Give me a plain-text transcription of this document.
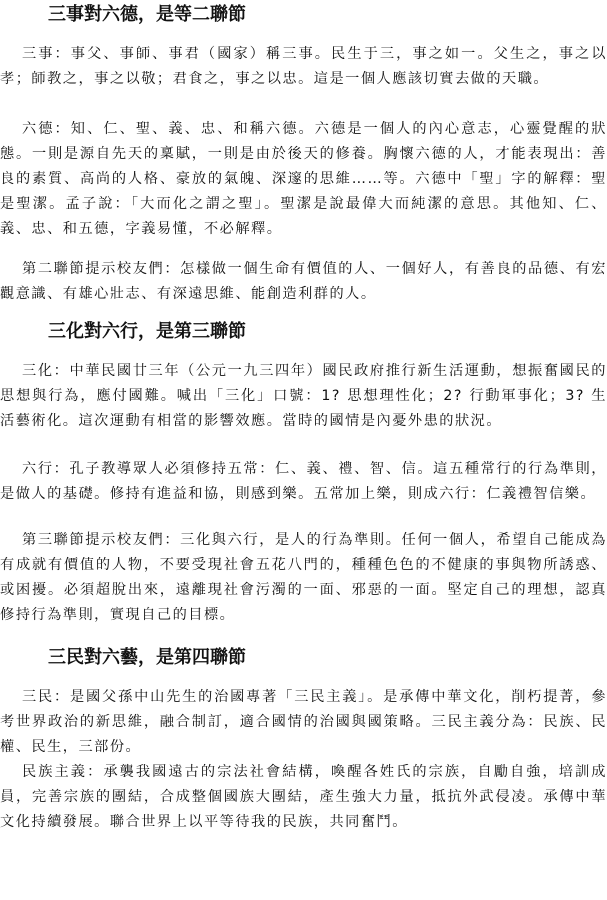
三事對六德，是等二聯節

三事：事父、事師、事君（國家）稱三事。民生于三，事之如一。父生之，事之以孝；師教之，事之以敬；君食之，事之以忠。這是一個人應該切實去做的天職。

六德：知、仁、聖、義、忠、和稱六德。六德是一個人的內心意志，心靈覺醒的狀態。一則是源自先天的稟賦，一則是由於後天的修養。胸懷六德的人，才能表現出：善良的素質、高尚的人格、豪放的氣魄、深邃的思維……等。六德中「聖」字的解釋：聖是聖潔。孟子說：「大而化之謂之聖」。聖潔是說最偉大而純潔的意思。其他知、仁、義、忠、和五德，字義易懂，不必解釋。

第二聯節提示校友們：怎樣做一個生命有價值的人、一個好人，有善良的品德、有宏觀意識、有雄心壯志、有深遠思維、能創造利群的人。

三化對六行，是第三聯節

三化：中華民國廿三年（公元一九三四年）國民政府推行新生活運動，想振奮國民的思想與行為，應付國難。喊出「三化」口號：1? 思想理性化；2? 行動軍事化；3? 生活藝術化。這次運動有相當的影響效應。當時的國情是內憂外患的狀況。

六行：孔子教導眾人必須修持五常：仁、義、禮、智、信。這五種常行的行為準則，是做人的基礎。修持有進益和協，則感到樂。五常加上樂，則成六行：仁義禮智信樂。

第三聯節提示校友們：三化與六行，是人的行為準則。任何一個人，希望自己能成為有成就有價值的人物，不要受現社會五花八門的，種種色色的不健康的事與物所誘惑、或困擾。必須超脫出來，遠離現社會污濁的一面、邪惡的一面。堅定自己的理想，認真修持行為準則，實現自己的目標。

三民對六藝，是第四聯節

三民：是國父孫中山先生的治國專著「三民主義」。是承傳中華文化，削朽提菁，參考世界政治的新思維，融合制訂，適合國情的治國與國策略。三民主義分為：民族、民權、民生，三部份。

民族主義：承襲我國遠古的宗法社會結構，喚醒各姓氏的宗族，自勵自強，培訓成員，完善宗族的團結，合成整個國族大團結，產生強大力量，抵抗外武侵凌。承傳中華文化持續發展。聯合世界上以平等待我的民族，共同奮鬥。
